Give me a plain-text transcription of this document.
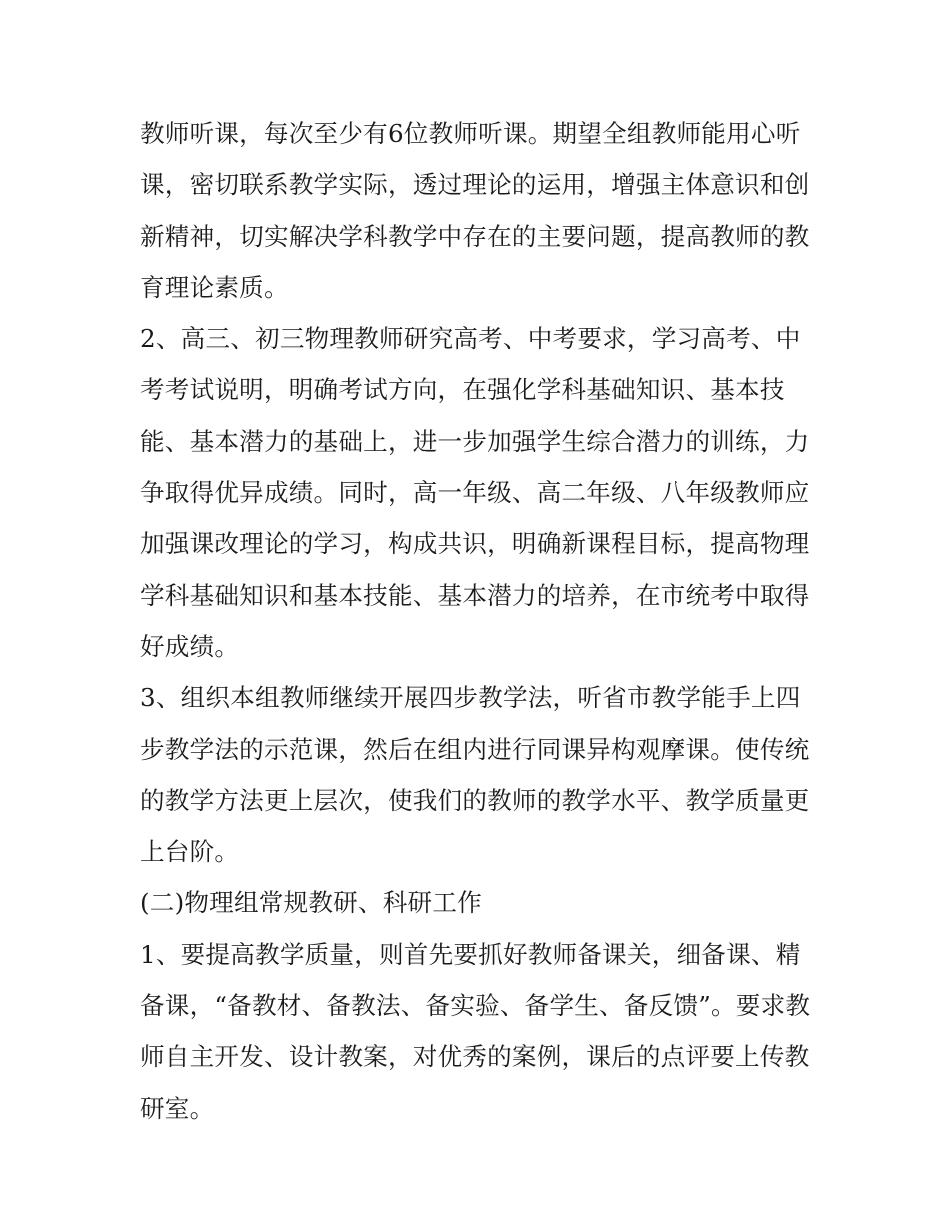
教师听课，每次至少有6位教师听课。期望全组教师能用心听
课，密切联系教学实际，透过理论的运用，增强主体意识和创
新精神，切实解决学科教学中存在的主要问题，提高教师的教
育理论素质。
2、高三、初三物理教师研究高考、中考要求，学习高考、中
考考试说明，明确考试方向，在强化学科基础知识、基本技
能、基本潜力的基础上，进一步加强学生综合潜力的训练，力
争取得优异成绩。同时，高一年级、高二年级、八年级教师应
加强课改理论的学习，构成共识，明确新课程目标，提高物理
学科基础知识和基本技能、基本潜力的培养，在市统考中取得
好成绩。
3、组织本组教师继续开展四步教学法，听省市教学能手上四
步教学法的示范课，然后在组内进行同课异构观摩课。使传统
的教学方法更上层次，使我们的教师的教学水平、教学质量更
上台阶。
(二)物理组常规教研、科研工作
1、要提高教学质量，则首先要抓好教师备课关，细备课、精
备课，“备教材、备教法、备实验、备学生、备反馈”。要求教
师自主开发、设计教案，对优秀的案例，课后的点评要上传教
研室。
